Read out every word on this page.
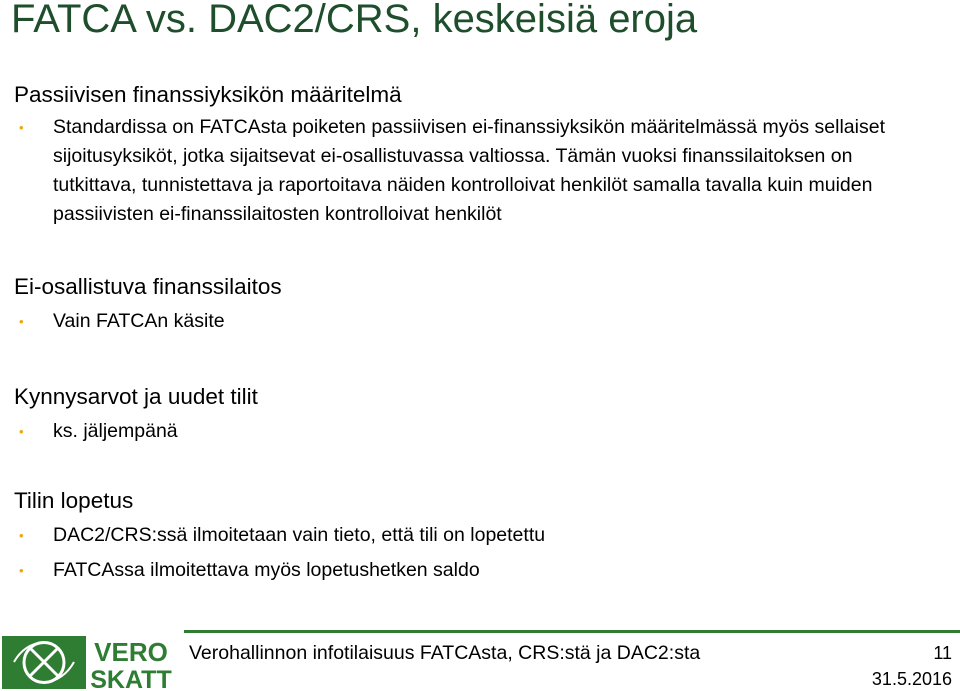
FATCA vs. DAC2/CRS, keskeisiä eroja
Passiivisen finanssiyksikön määritelmä
•	Standardissa on FATCAsta poiketen passiivisen ei-finanssiyksikön määritelmässä myös sellaiset sijoitusyksiköt, jotka sijaitsevat ei-osallistuvassa valtiossa. Tämän vuoksi finanssilaitoksen on tutkittava, tunnistettava ja raportoitava näiden kontrolloivat henkilöt samalla tavalla kuin muiden passiivisten ei-finanssilaitosten kontrolloivat henkilöt
Ei-osallistuva finanssilaitos
•	Vain FATCAn käsite
Kynnysarvot ja uudet tilit
•	ks. jäljempänä
Tilin lopetus
•	DAC2/CRS:ssä ilmoitetaan vain tieto, että tili on lopetettu
•	FATCAssa ilmoitettava myös lopetushetken saldo
VERO
SKATT
Verohallinnon infotilaisuus FATCAsta, CRS:stä ja DAC2:sta	11
31.5.2016
